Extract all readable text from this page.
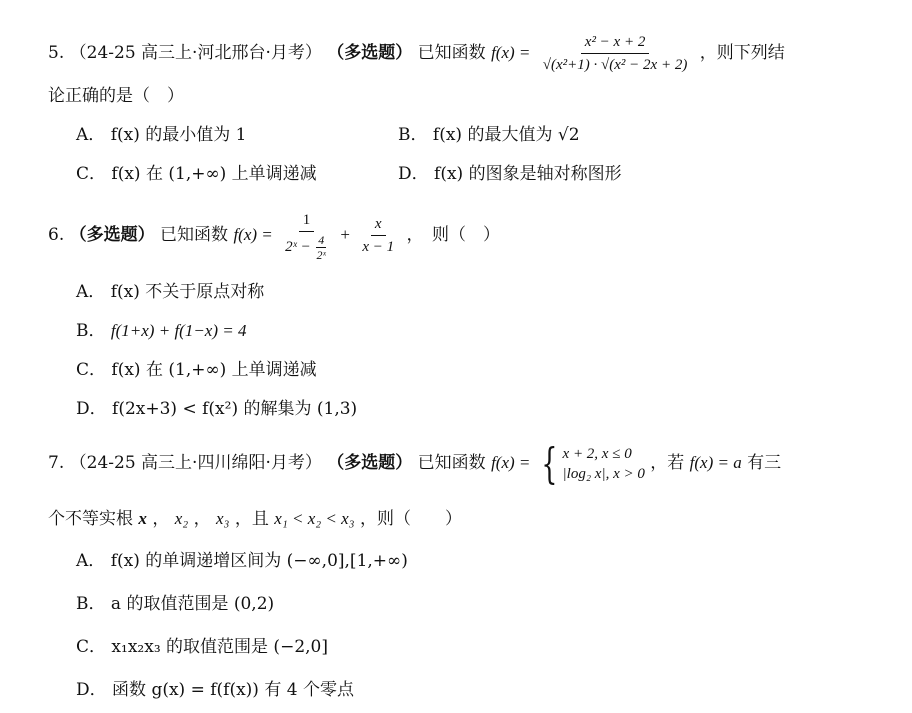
5. （24-25 高三上·河北邢台·月考） （多选题） 已知函数 $f(x) = \frac{\text{x² − x + 2}}{\text{√(x²+1) · √(x² − 2x + 2)}}$ ，则下列结
论正确的是（　）
A． f(x) 的最小值为 1	B． f(x) 的最大值为 √2
C． f(x) 在 (1,+∞) 上单调递减	D． f(x) 的图象是轴对称图形
6. （多选题） 已知函数 $f(x) = \frac{1}{2ˣ - \frac{4}{\text{2ˣ}}} + \frac{x}{x - 1}$ ，　则（　）
A． f(x) 不关于原点对称
B． f(1+x) + f(1−x) = 4
C． f(x) 在 (1,+∞) 上单调递减
D． f(2x+3) < f(x²) 的解集为 (1,3)
7. （24-25 高三上·四川绵阳·月考） （多选题） 已知函数 f(x) = { x + 2, x ≤ 0
|log₂ x|, x > 0
，若 f(x) = a 有三
个不等实根 x ， x₂ ， x₃ ，且 x₁ < x₂ < x₃ ，则（　　）
A． f(x) 的单调递增区间为 (−∞,0],[1,+∞)
B． a 的取值范围是 (0,2)
C． x₁x₂x₃ 的取值范围是 (−2,0]
D． 函数 g(x) = f(f(x)) 有 4 个零点
